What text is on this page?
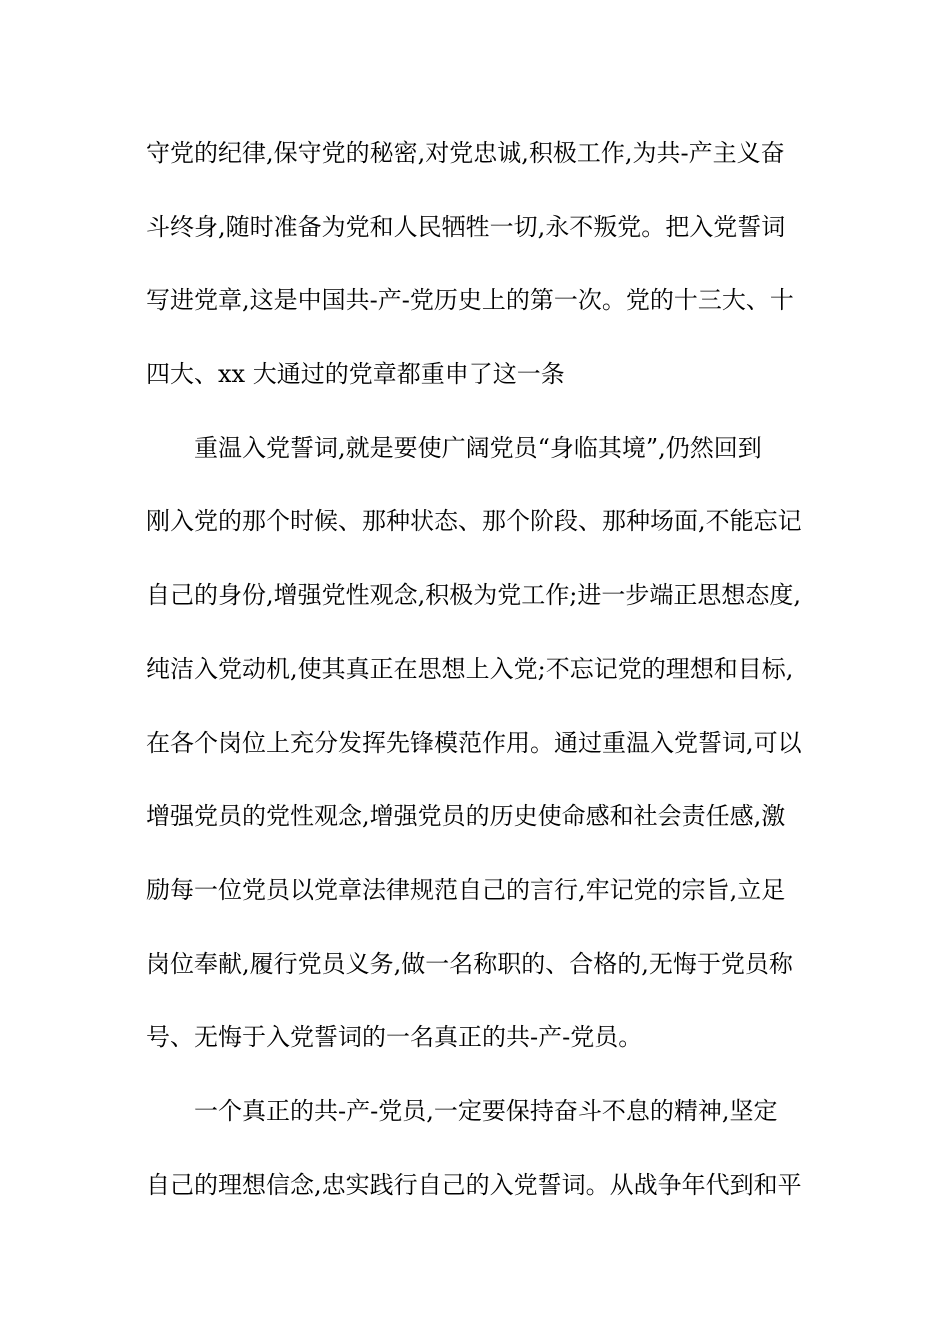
守党的纪律,保守党的秘密,对党忠诚,积极工作,为共-产主义奋
斗终身,随时准备为党和人民牺牲一切,永不叛党。把入党誓词
写进党章,这是中国共-产-党历史上的第一次。党的十三大、十
四大、xx 大通过的党章都重申了这一条
重温入党誓词,就是要使广阔党员“身临其境”,仍然回到
刚入党的那个时候、那种状态、那个阶段、那种场面,不能忘记
自己的身份,增强党性观念,积极为党工作;进一步端正思想态度,
纯洁入党动机,使其真正在思想上入党;不忘记党的理想和目标,
在各个岗位上充分发挥先锋模范作用。通过重温入党誓词,可以
增强党员的党性观念,增强党员的历史使命感和社会责任感,激
励每一位党员以党章法律规范自己的言行,牢记党的宗旨,立足
岗位奉献,履行党员义务,做一名称职的、合格的,无悔于党员称
号、无悔于入党誓词的一名真正的共-产-党员。
一个真正的共-产-党员,一定要保持奋斗不息的精神,坚定
自己的理想信念,忠实践行自己的入党誓词。从战争年代到和平
